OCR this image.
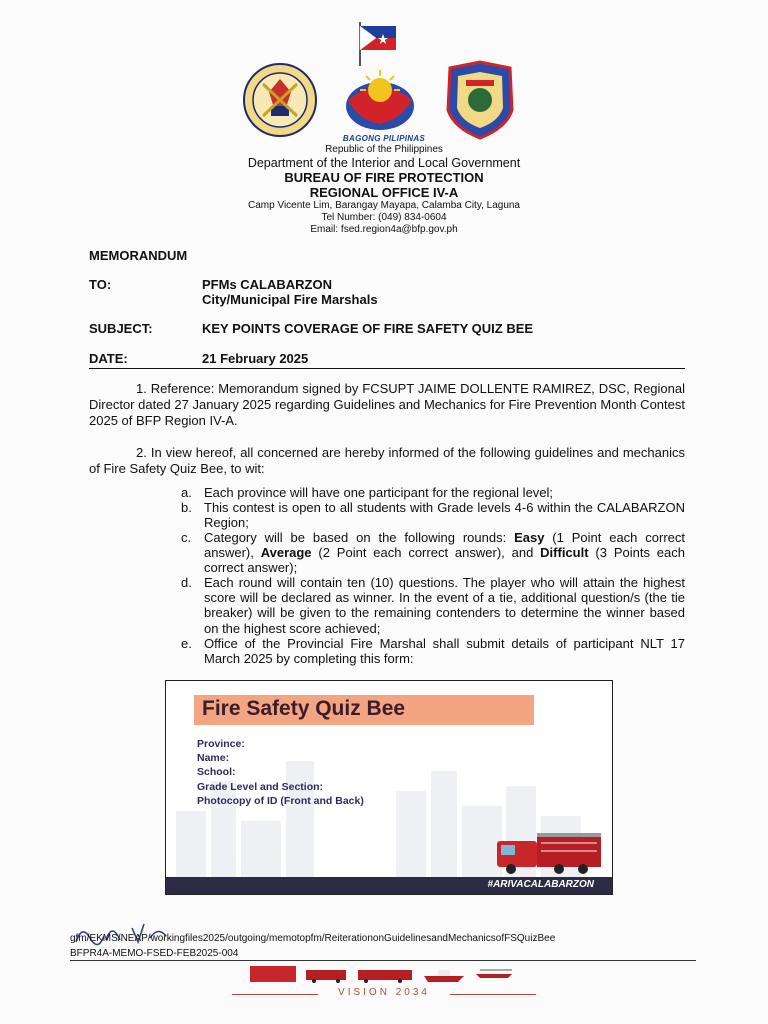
BAGONG PILIPINAS
Republic of the Philippines
Department of the Interior and Local Government
BUREAU OF FIRE PROTECTION
REGIONAL OFFICE IV-A
Camp Vicente Lim, Barangay Mayapa, Calamba City, Laguna
Tel Number: (049) 834-0604
Email: fsed.region4a@bfp.gov.ph
MEMORANDUM
TO:	PFMs CALABARZON
City/Municipal Fire Marshals
SUBJECT:	KEY POINTS COVERAGE OF FIRE SAFETY QUIZ BEE
DATE:	21 February 2025
1. Reference: Memorandum signed by FCSUPT JAIME DOLLENTE RAMIREZ, DSC, Regional Director dated 27 January 2025 regarding Guidelines and Mechanics for Fire Prevention Month Contest 2025 of BFP Region IV-A.
2. In view hereof, all concerned are hereby informed of the following guidelines and mechanics of Fire Safety Quiz Bee, to wit:
a. Each province will have one participant for the regional level;
b. This contest is open to all students with Grade levels 4-6 within the CALABARZON Region;
c. Category will be based on the following rounds: Easy (1 Point each correct answer), Average (2 Point each correct answer), and Difficult (3 Points each correct answer);
d. Each round will contain ten (10) questions. The player who will attain the highest score will be declared as winner. In the event of a tie, additional question/s (the tie breaker) will be given to the remaining contenders to determine the winner based on the highest score achieved;
e. Office of the Provincial Fire Marshal shall submit details of participant NLT 17 March 2025 by completing this form:
Fire Safety Quiz Bee
Province:
Name:
School:
Grade Level and Section:
Photocopy of ID (Front and Back)
#ARIVACALABARZON
gfm/EKMS/NEAP/workingfiles2025/outgoing/memotopfm/ReiterationonGuidelinesandMechanicsofFSQuizBee
BFPR4A-MEMO-FSED-FEB2025-004
VISION 2034
